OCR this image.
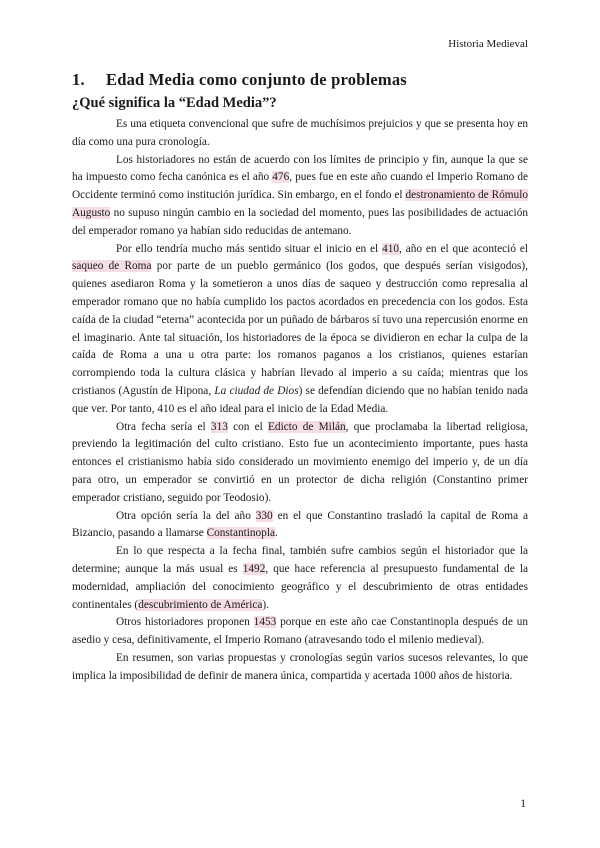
Historia Medieval
1. Edad Media como conjunto de problemas
¿Qué significa la “Edad Media”?

Es una etiqueta convencional que sufre de muchísimos prejuicios y que se presenta hoy en día como una pura cronología.

Los historiadores no están de acuerdo con los límites de principio y fin, aunque la que se ha impuesto como fecha canónica es el año 476, pues fue en este año cuando el Imperio Romano de Occidente terminó como institución jurídica. Sin embargo, en el fondo el destronamiento de Rómulo Augusto no supuso ningún cambio en la sociedad del momento, pues las posibilidades de actuación del emperador romano ya habían sido reducidas de antemano.

Por ello tendría mucho más sentido situar el inicio en el 410, año en el que aconteció el saqueo de Roma por parte de un pueblo germánico (los godos, que después serían visigodos), quienes asediaron Roma y la sometieron a unos días de saqueo y destrucción como represalia al emperador romano que no había cumplido los pactos acordados en precedencia con los godos. Esta caída de la ciudad “eterna” acontecida por un puñado de bárbaros sí tuvo una repercusión enorme en el imaginario. Ante tal situación, los historiadores de la época se dividieron en echar la culpa de la caída de Roma a una u otra parte: los romanos paganos a los cristianos, quienes estarían corrompiendo toda la cultura clásica y habrían llevado al imperio a su caída; mientras que los cristianos (Agustín de Hipona, La ciudad de Dios) se defendían diciendo que no habían tenido nada que ver. Por tanto, 410 es el año ideal para el inicio de la Edad Media.

Otra fecha sería el 313 con el Edicto de Milán, que proclamaba la libertad religiosa, previendo la legitimación del culto cristiano. Esto fue un acontecimiento importante, pues hasta entonces el cristianismo había sido considerado un movimiento enemigo del imperio y, de un día para otro, un emperador se convirtió en un protector de dicha religión (Constantino primer emperador cristiano, seguido por Teodosio).

Otra opción sería la del año 330 en el que Constantino trasladó la capital de Roma a Bizancio, pasando a llamarse Constantinopla.

En lo que respecta a la fecha final, también sufre cambios según el historiador que la determine; aunque la más usual es 1492, que hace referencia al presupuesto fundamental de la modernidad, ampliación del conocimiento geográfico y el descubrimiento de otras entidades continentales (descubrimiento de América).

Otros historiadores proponen 1453 porque en este año cae Constantinopla después de un asedio y cesa, definitivamente, el Imperio Romano (atravesando todo el milenio medieval).

En resumen, son varias propuestas y cronologías según varios sucesos relevantes, lo que implica la imposibilidad de definir de manera única, compartida y acertada 1000 años de historia.

1
